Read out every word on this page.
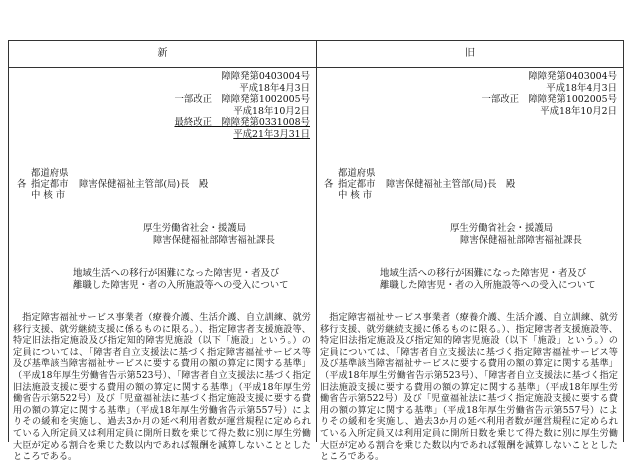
新	旧
障障発第0403004号
平成18年4月3日
一部改正　 障障発第1002005号
平成18年10月2日
最終改正　 障障発第0331008号
平成21年3月31日
都道府県
各 指定都市 障害保健福祉主管部(局)長　殿
中核市
厚生労働省社会・援護局
障害保健福祉部障害福祉課長
地域生活への移行が困難になった障害児・者及び
離職した障害児・者の入所施設等への受入について

指定障害福祉サービス事業者（療養介護、生活介護、自立訓練、就労移行支援、就労継続支援に係るものに限る。）、指定障害者支援施設等、特定旧法指定施設及び指定知的障害児施設（以下「施設」という。）の定員については、「障害者自立支援法に基づく指定障害福祉サービス等及び基準該当障害福祉サービスに要する費用の額の算定に関する基準」（平成18年厚生労働省告示第523号）、「障害者自立支援法に基づく指定旧法施設支援に要する費用の額の算定に関する基準」（平成18年厚生労働省告示第522号）及び「児童福祉法に基づく指定施設支援に要する費用の額の算定に関する基準」（平成18年厚生労働省告示第557号）によりその緩和を実施し、過去3か月の延べ利用者数が運営規程に定められている入所定員又は利用定員に開所日数を乗じて得た数に別に厚生労働大臣が定める割合を乗じた数以内であれば報酬を減算しないこととしたところである。

障障発第0403004号
平成18年4月3日
一部改正　 障障発第1002005号
平成18年10月2日
都道府県
各 指定都市 障害保健福祉主管部(局)長　殿
中核市
厚生労働省社会・援護局
障害保健福祉部障害福祉課長
地域生活への移行が困難になった障害児・者及び
離職した障害児・者の入所施設等への受入について

指定障害福祉サービス事業者（療養介護、生活介護、自立訓練、就労移行支援、就労継続支援に係るものに限る。）、指定障害者支援施設等、特定旧法指定施設及び指定知的障害児施設（以下「施設」という。）の定員については、「障害者自立支援法に基づく指定障害福祉サービス等及び基準該当障害福祉サービスに要する費用の額の算定に関する基準」（平成18年厚生労働省告示第523号）、「障害者自立支援法に基づく指定旧法施設支援に要する費用の額の算定に関する基準」（平成18年厚生労働省告示第522号）及び「児童福祉法に基づく指定施設支援に要する費用の額の算定に関する基準」（平成18年厚生労働省告示第557号）によりその緩和を実施し、過去3か月の延べ利用者数が運営規程に定められている入所定員又は利用定員に開所日数を乗じて得た数に別に厚生労働大臣が定める割合を乗じた数以内であれば報酬を減算しないこととしたところである。
